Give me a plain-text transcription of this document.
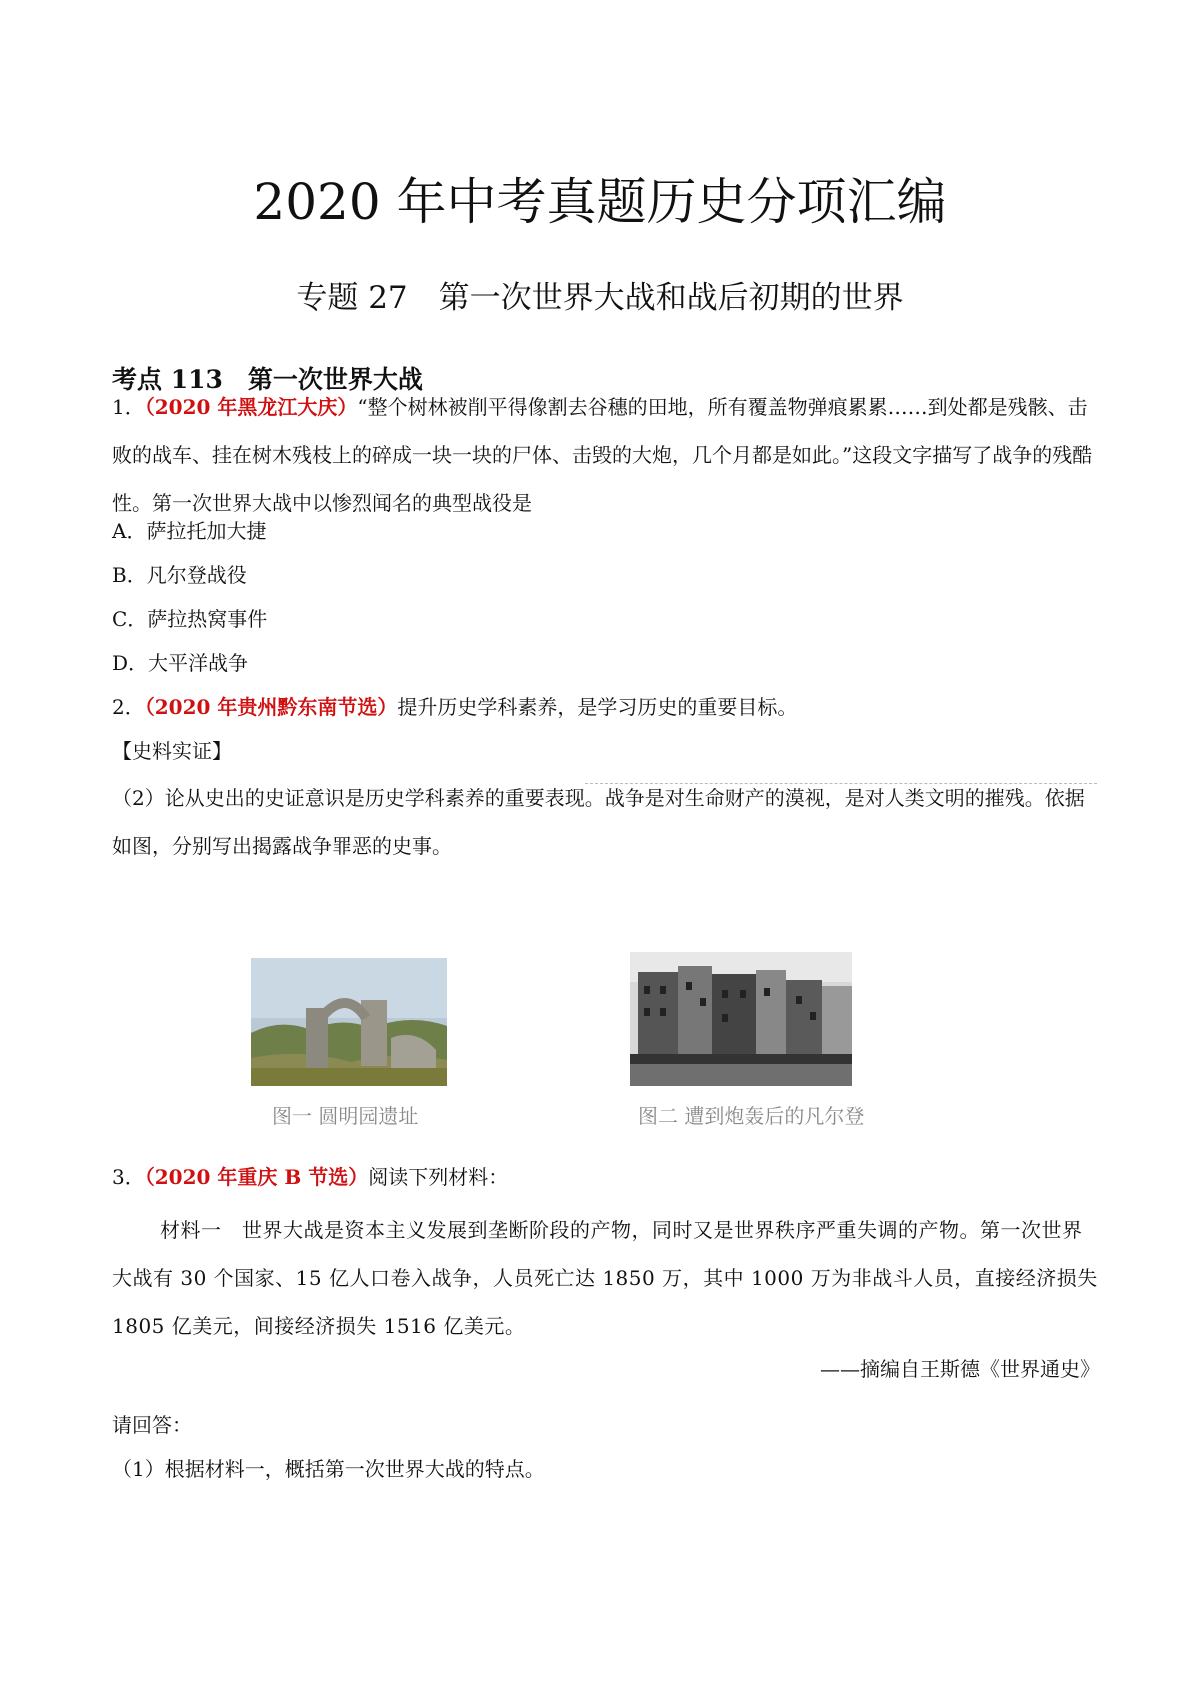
2020 年中考真题历史分项汇编
专题 27　第一次世界大战和战后初期的世界
考点 113　第一次世界大战
1．（2020 年黑龙江大庆）“整个树林被削平得像割去谷穗的田地，所有覆盖物弹痕累累……到处都是残骸、击败的战车、挂在树木残枝上的碎成一块一块的尸体、击毁的大炮，几个月都是如此。”这段文字描写了战争的残酷性。第一次世界大战中以惨烈闻名的典型战役是
A．萨拉托加大捷
B．凡尔登战役
C．萨拉热窝事件
D．大平洋战争
2．（2020 年贵州黔东南节选）提升历史学科素养，是学习历史的重要目标。
【史料实证】
（2）论从史出的史证意识是历史学科素养的重要表现。战争是对生命财产的漠视，是对人类文明的摧残。依据如图，分别写出揭露战争罪恶的史事。
图一 圆明园遗址	图二 遭到炮轰后的凡尔登
3．（2020 年重庆 B 节选）阅读下列材料：
材料一　世界大战是资本主义发展到垄断阶段的产物，同时又是世界秩序严重失调的产物。第一次世界大战有 30 个国家、15 亿人口卷入战争，人员死亡达 1850 万，其中 1000 万为非战斗人员，直接经济损失 1805 亿美元，间接经济损失 1516 亿美元。
——摘编自王斯德《世界通史》
请回答：
（1）根据材料一，概括第一次世界大战的特点。
